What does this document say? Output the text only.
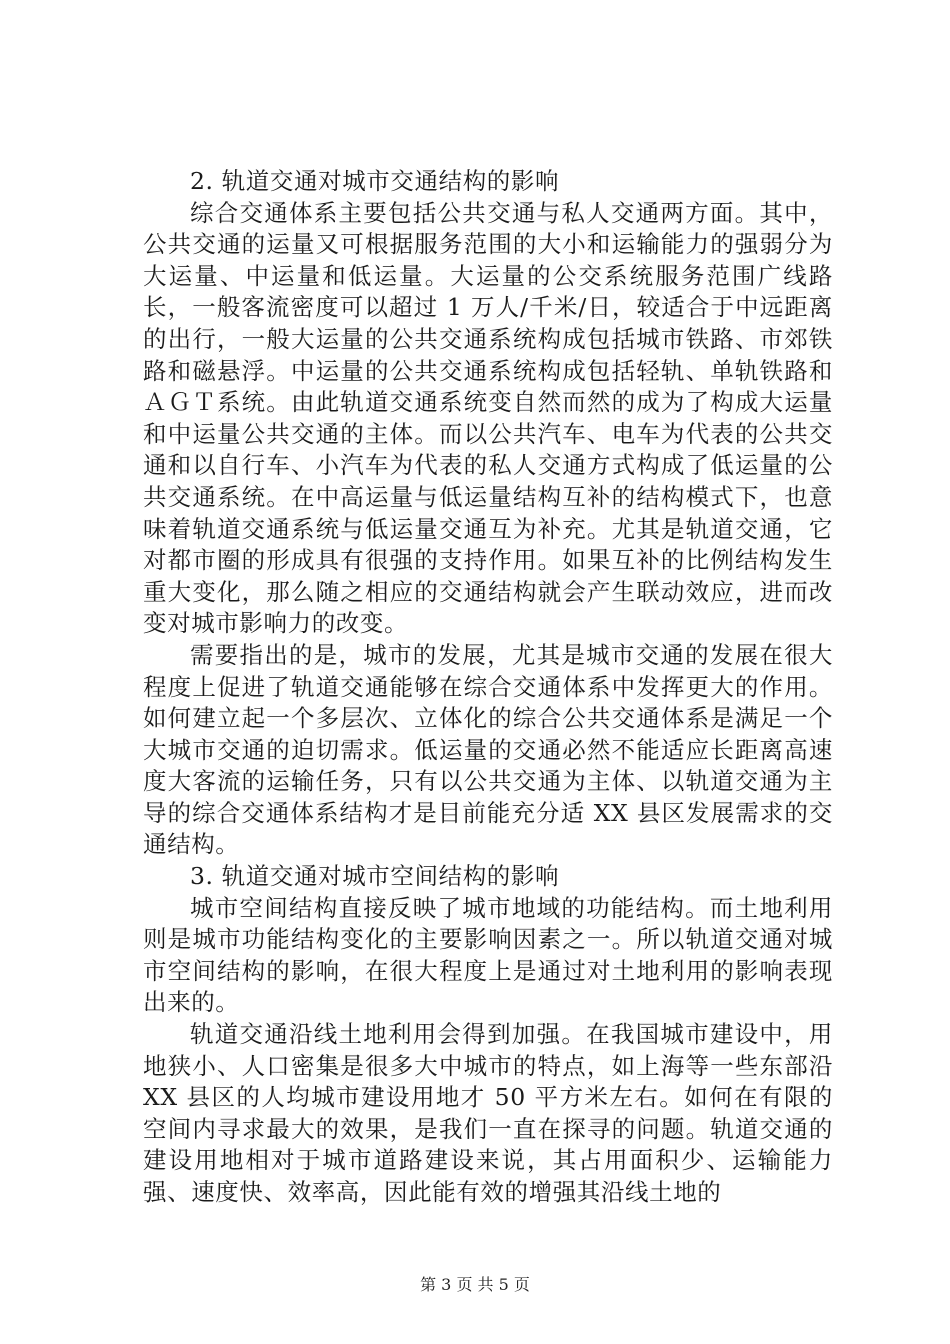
2. 轨道交通对城市交通结构的影响

综合交通体系主要包括公共交通与私人交通两方面。其中，公共交通的运量又可根据服务范围的大小和运输能力的强弱分为大运量、中运量和低运量。大运量的公交系统服务范围广线路长，一般客流密度可以超过 1 万人/千米/日，较适合于中远距离的出行，一般大运量的公共交通系统构成包括城市铁路、市郊铁路和磁悬浮。中运量的公共交通系统构成包括轻轨、单轨铁路和ＡＧＴ系统。由此轨道交通系统变自然而然的成为了构成大运量和中运量公共交通的主体。而以公共汽车、电车为代表的公共交通和以自行车、小汽车为代表的私人交通方式构成了低运量的公共交通系统。在中高运量与低运量结构互补的结构模式下，也意味着轨道交通系统与低运量交通互为补充。尤其是轨道交通，它对都市圈的形成具有很强的支持作用。如果互补的比例结构发生重大变化，那么随之相应的交通结构就会产生联动效应，进而改变对城市影响力的改变。

需要指出的是，城市的发展，尤其是城市交通的发展在很大程度上促进了轨道交通能够在综合交通体系中发挥更大的作用。如何建立起一个多层次、立体化的综合公共交通体系是满足一个大城市交通的迫切需求。低运量的交通必然不能适应长距离高速度大客流的运输任务，只有以公共交通为主体、以轨道交通为主导的综合交通体系结构才是目前能充分适 XX 县区发展需求的交通结构。

3. 轨道交通对城市空间结构的影响

城市空间结构直接反映了城市地域的功能结构。而土地利用则是城市功能结构变化的主要影响因素之一。所以轨道交通对城市空间结构的影响，在很大程度上是通过对土地利用的影响表现出来的。

轨道交通沿线土地利用会得到加强。在我国城市建设中，用地狭小、人口密集是很多大中城市的特点，如上海等一些东部沿 XX 县区的人均城市建设用地才 50 平方米左右。如何在有限的空间内寻求最大的效果，是我们一直在探寻的问题。轨道交通的建设用地相对于城市道路建设来说，其占用面积少、运输能力强、速度快、效率高，因此能有效的增强其沿线土地的

第 3 页 共 5 页
